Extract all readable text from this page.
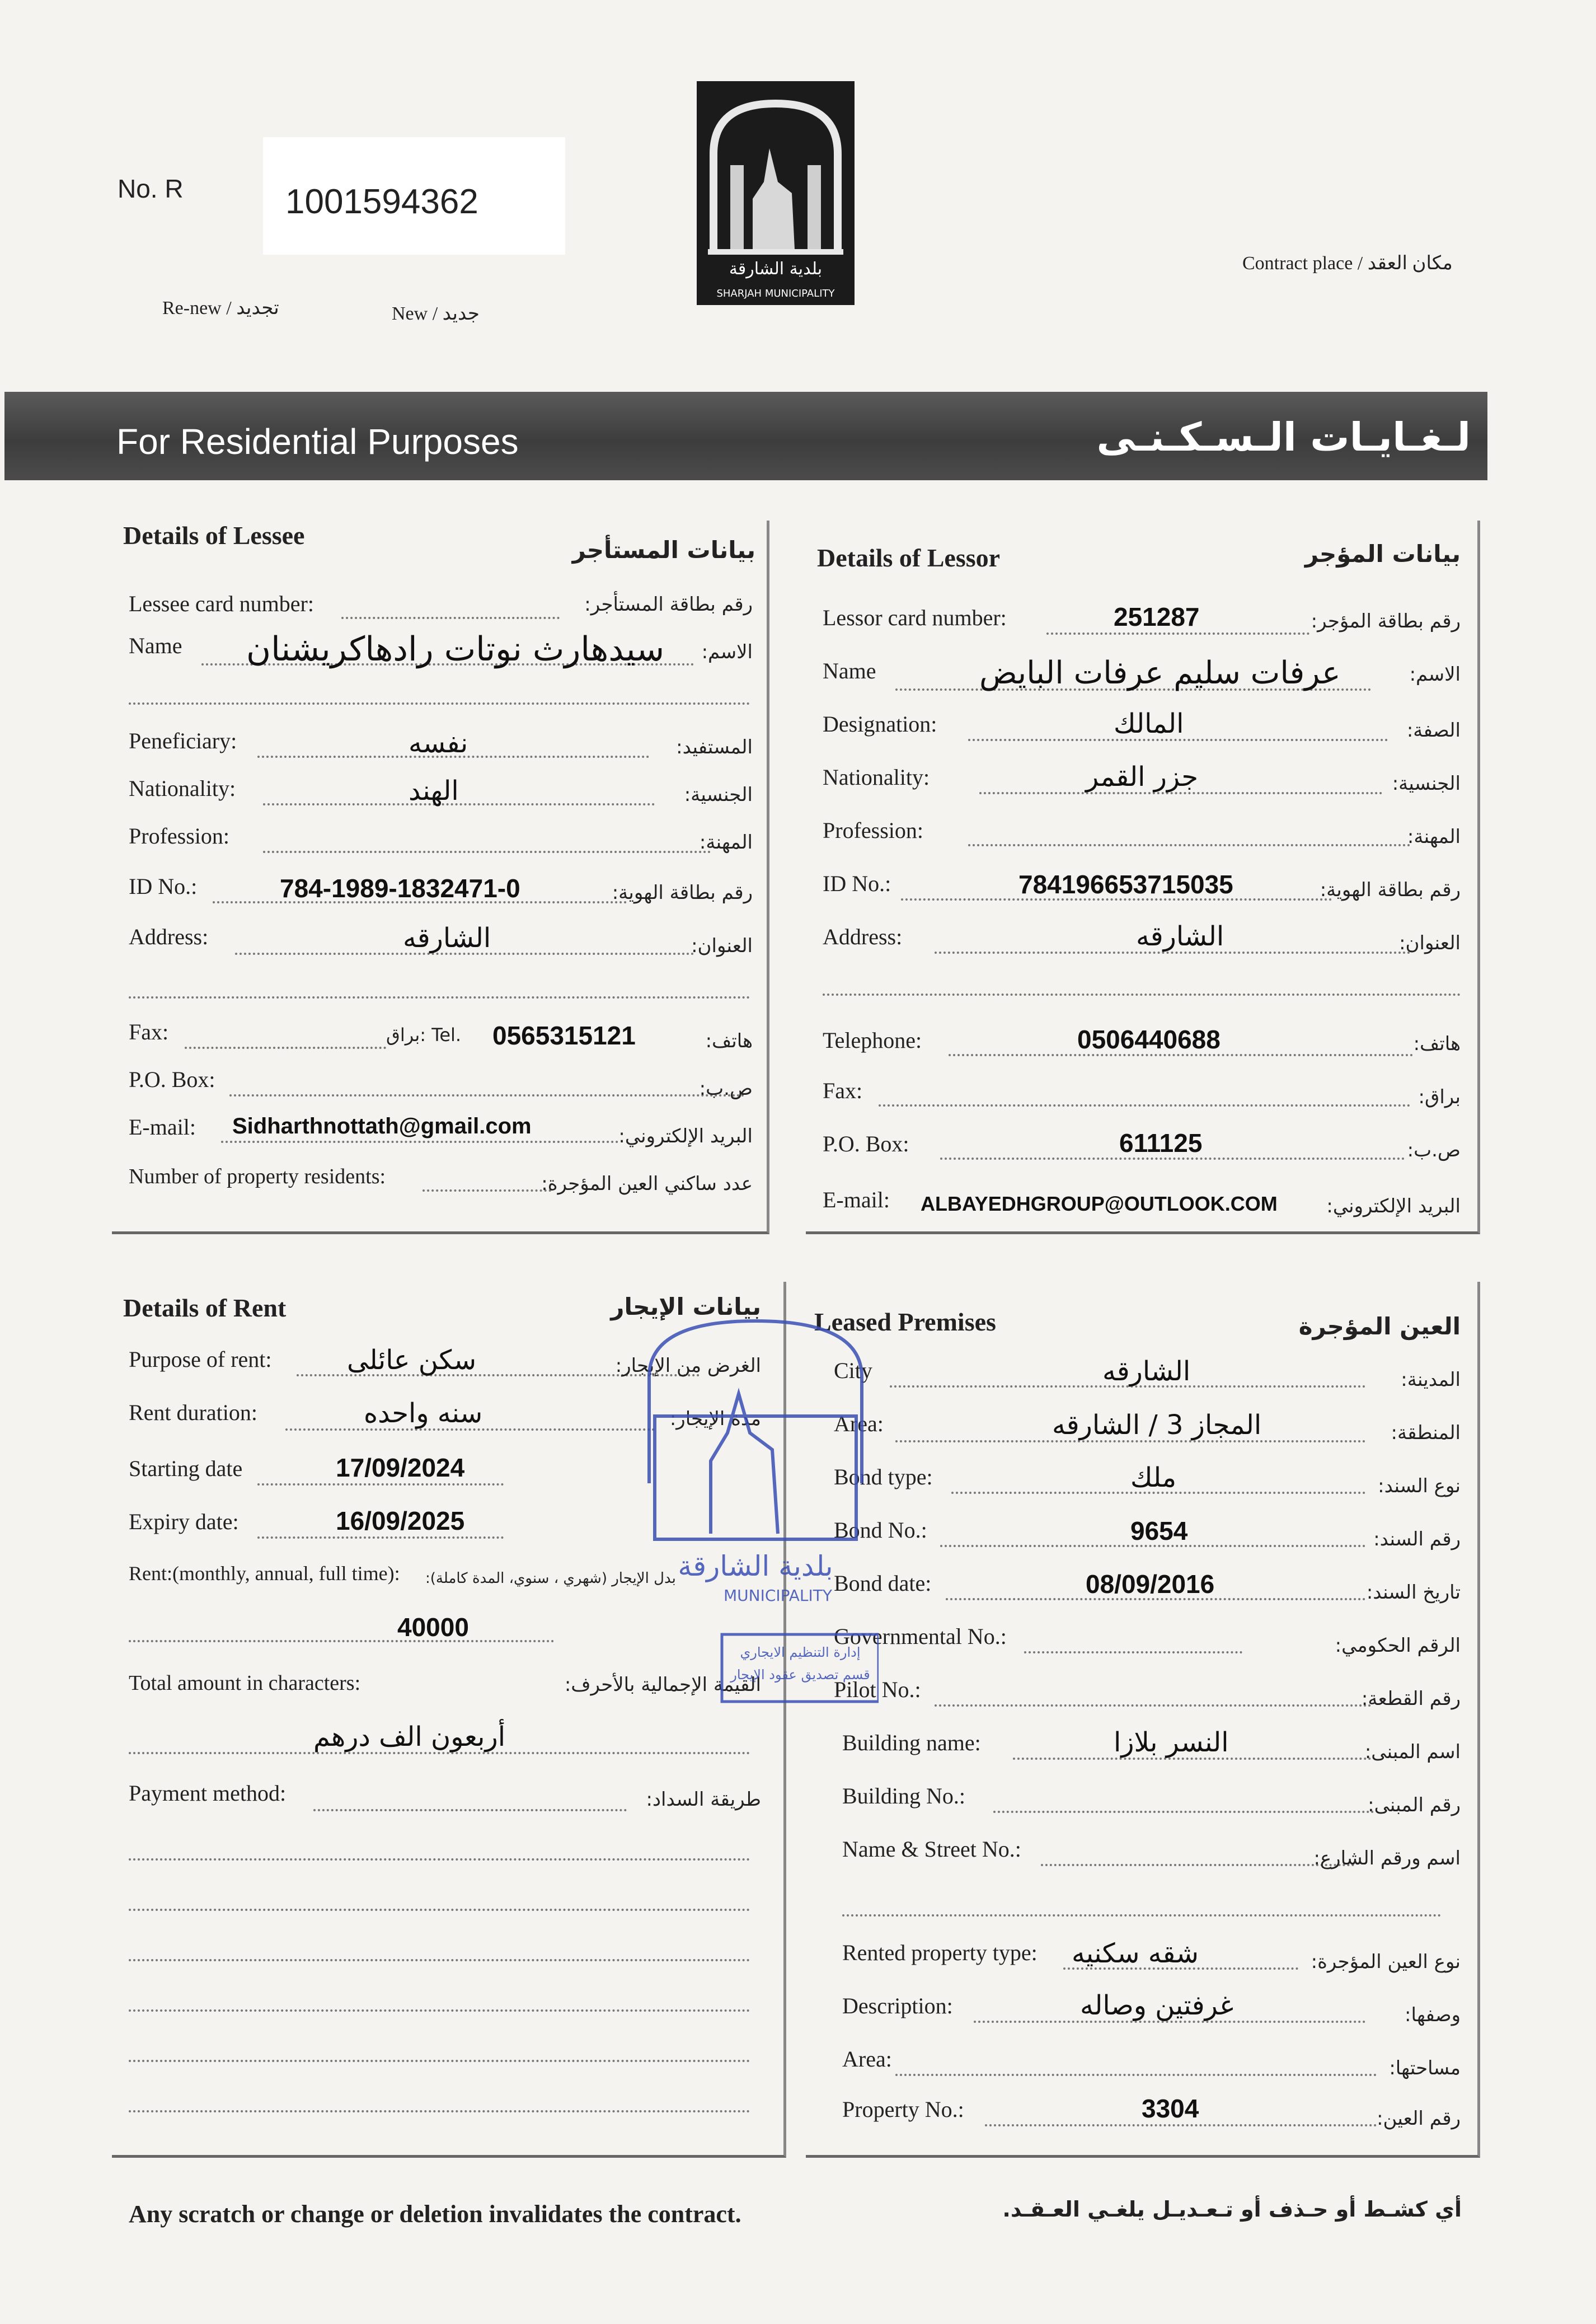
No. R	1001594362
Re-new / تجديد	New / جديد
بلدية الشارقة
SHARJAH MUNICIPALITY
Contract place / مكان العقد
For Residential Purposes	لـغـايـات الـسـكـنـى
Details of Lessee
بيانات المستأجر
Lessee card number:	رقم بطاقة المستأجر:
Name سيدهارث نوتات رادهاكريشنان الاسم:
Peneficiary:	نفسه	المستفيد:
Nationality:	الهند	الجنسية:
Profession:	المهنة:
ID No.:	784-1989-1832471-0	رقم بطاقة الهوية:
Address:	الشارقه	العنوان:
Fax:	براق: Tel. 0565315121	هاتف:
P.O. Box:	ص.ب:
E-mail: Sidharthnottath@gmail.com	البريد الإلكتروني:
Number of property residents:	عدد ساكني العين المؤجرة:
Details of Lessor	بيانات المؤجر
Lessor card number:	251287	رقم بطاقة المؤجر:
Name	عرفات سليم عرفات البايض	الاسم:
Designation:	المالك	الصفة:
Nationality:	جزر القمر	الجنسية:
Profession:	المهنة:
ID No.:	784196653715035	رقم بطاقة الهوية:
Address:	الشارقه	العنوان:
Telephone:	0506440688	هاتف:
Fax:	براق:
P.O. Box:	611125	ص.ب:
E-mail: ALBAYEDHGROUP@OUTLOOK.COM	البريد الإلكتروني:
Details of Rent	بيانات الإيجار
Purpose of rent:	سكن عائلى	الغرض من الإيجار:
Rent duration:	سنه واحده	مدة الإيجار:
Starting date	17/09/2024
Expiry date:	16/09/2025
Rent:(monthly, annual, full time): بدل الإيجار (شهري ، سنوي، المدة كاملة):
40000
Total amount in characters:	القيمة الإجمالية بالأحرف:
أربعون الف درهم
Payment method:	طريقة السداد:
Leased Premises	العين المؤجرة
City	الشارقه	المدينة:
Area:	المجاز 3 / الشارقه	المنطقة:
Bond type:	ملك	نوع السند:
Bond No.:	9654	رقم السند:
Bond date:	08/09/2016	تاريخ السند:
Governmental No.:	الرقم الحكومي:
Pilot No.:	رقم القطعة:
Building name:	النسر بلازا	اسم المبنى:
Building No.:	رقم المبنى:
Name & Street No.:	اسم ورقم الشارع:
Rented property type: شقه سكنيه	نوع العين المؤجرة:
Description:	غرفتين وصاله	وصفها:
Area:	مساحتها:
Property No.:	3304	رقم العين:
بلدية الشارقة
MUNICIPALITY
إدارة التنظيم الايجاري
قسم تصديق عقود الإيجار
Any scratch or change or deletion invalidates the contract.	أي كشـط أو حـذف أو تـعـديـل يلغـي العـقـد.
